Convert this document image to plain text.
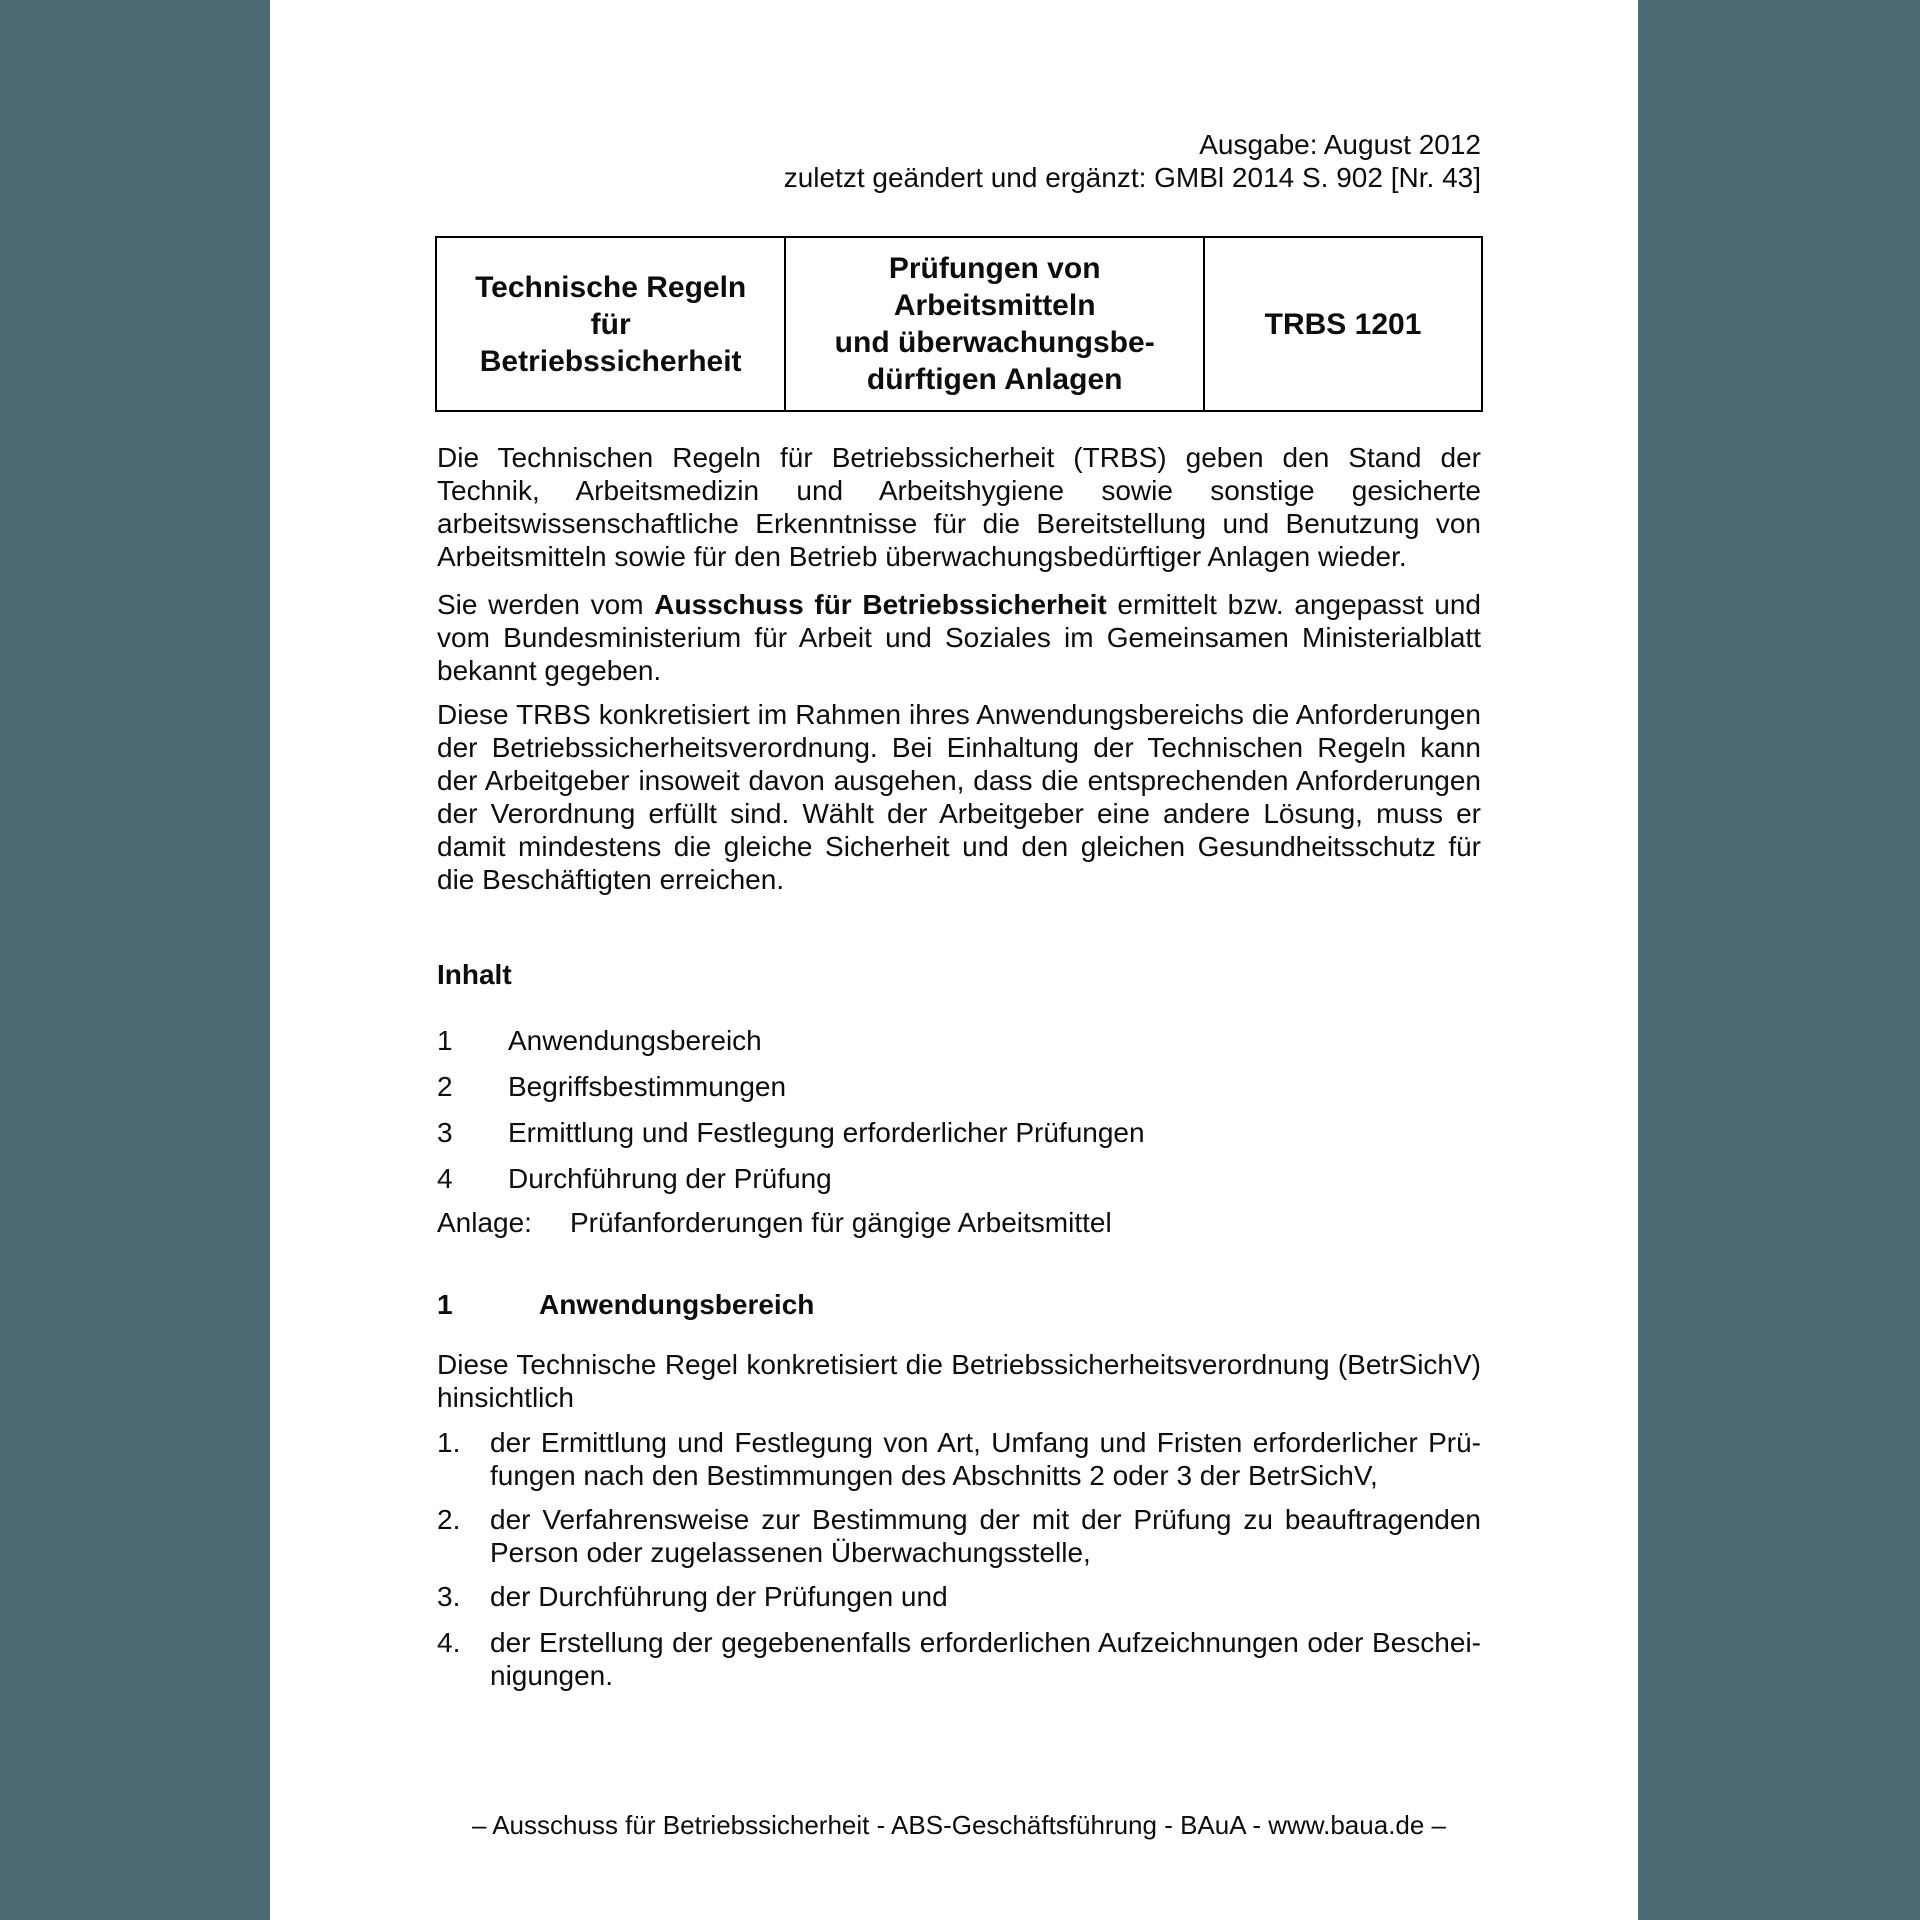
Ausgabe: August 2012
zuletzt geändert und ergänzt: GMBl 2014 S. 902 [Nr. 43]
Technische Regeln
für
Betriebssicherheit

Prüfungen von Arbeitsmitteln
und überwachungsbe-
dürftigen Anlagen

TRBS 1201
Die Technischen Regeln für Betriebssicherheit (TRBS) geben den Stand der Technik, Arbeitsmedizin und Arbeitshygiene sowie sonstige gesicherte arbeitswissenschaftliche Erkenntnisse für die Bereitstellung und Benutzung von Arbeitsmitteln sowie für den Betrieb überwachungsbedürftiger Anlagen wieder.
Sie werden vom Ausschuss für Betriebssicherheit ermittelt bzw. angepasst und vom Bundesministerium für Arbeit und Soziales im Gemeinsamen Ministerialblatt bekannt gegeben.
Diese TRBS konkretisiert im Rahmen ihres Anwendungsbereichs die Anforderungen der Betriebssicherheitsverordnung. Bei Einhaltung der Technischen Regeln kann der Arbeitgeber insoweit davon ausgehen, dass die entsprechenden Anforderungen der Verordnung erfüllt sind. Wählt der Arbeitgeber eine andere Lösung, muss er damit mindestens die gleiche Sicherheit und den gleichen Gesundheitsschutz für die Beschäftigten erreichen.
Inhalt
1 Anwendungsbereich
2 Begriffsbestimmungen
3 Ermittlung und Festlegung erforderlicher Prüfungen
4 Durchführung der Prüfung
Anlage: Prüfanforderungen für gängige Arbeitsmittel
1	Anwendungsbereich
Diese Technische Regel konkretisiert die Betriebssicherheitsverordnung (BetrSichV) hinsichtlich
1. der Ermittlung und Festlegung von Art, Umfang und Fristen erforderlicher Prüfungen nach den Bestimmungen des Abschnitts 2 oder 3 der BetrSichV,
2. der Verfahrensweise zur Bestimmung der mit der Prüfung zu beauftragenden Person oder zugelassenen Überwachungsstelle,
3. der Durchführung der Prüfungen und
4. der Erstellung der gegebenenfalls erforderlichen Aufzeichnungen oder Bescheinigungen.
– Ausschuss für Betriebssicherheit - ABS-Geschäftsführung - BAuA - www.baua.de –
